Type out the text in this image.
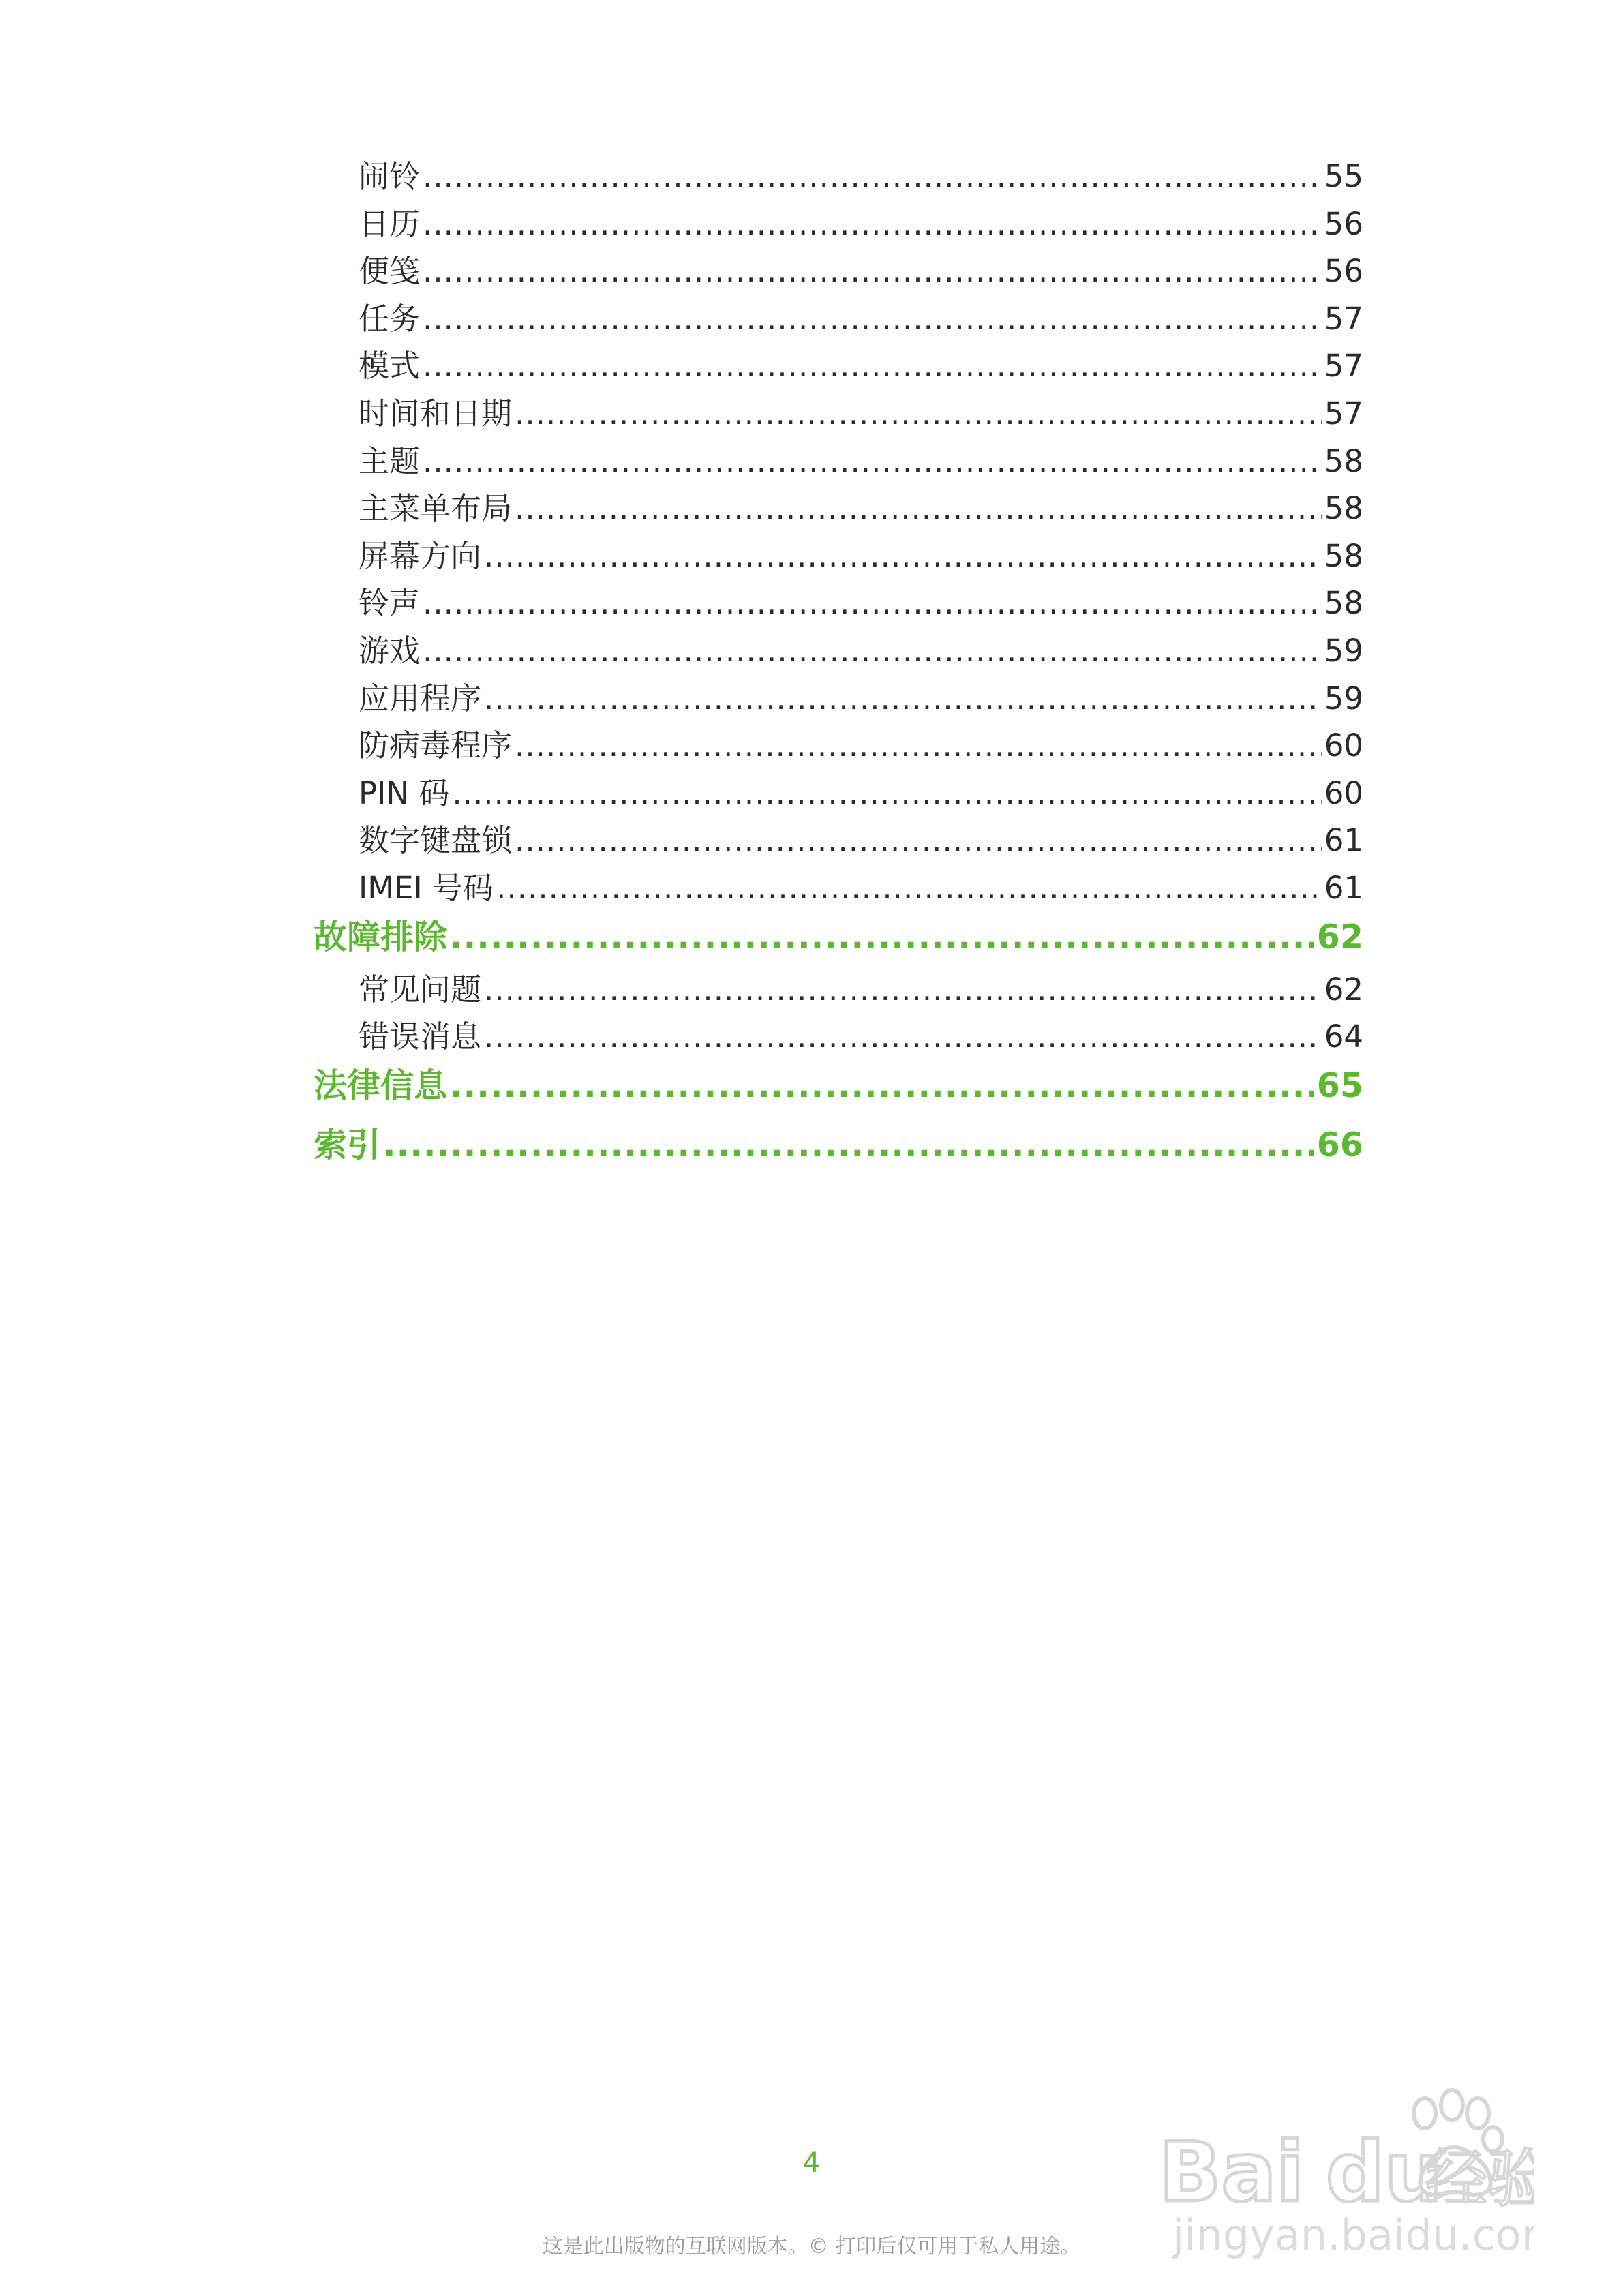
闹铃 .....	55
日历 .....	56
便笺 .....	56
任务 .....	57
模式 .....	57
时间和日期 .....	57
主题 .....	58
主菜单布局 .....	58
屏幕方向 .....	58
铃声 .....	58
游戏 .....	59
应用程序 .....	59
防病毒程序 .....	60
PIN 码 .....	60
数字键盘锁 .....	61
IMEI 号码 .....	61
故障排除 .....	62
常见问题 .....	62
错误消息 .....	64
法律信息 .....	65
索引 .....	66
4
这是此出版物的互联网版本。© 打印后仅可用于私人用途。
Bai du
经验
jingyan.baidu.com
